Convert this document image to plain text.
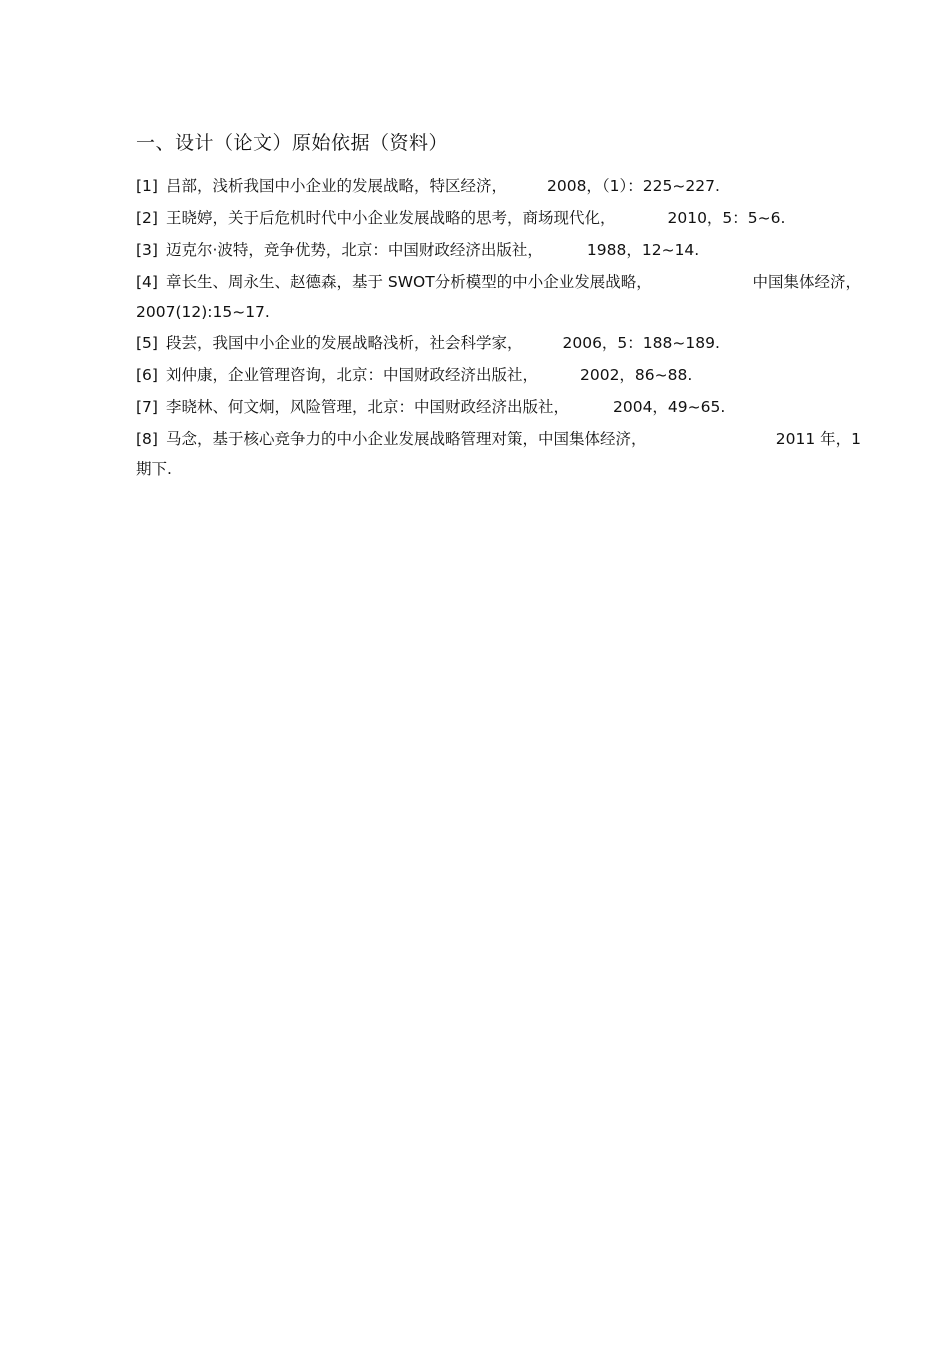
一、设计（论文）原始依据（资料）
[1] 吕部，浅析我国中小企业的发展战略，特区经济，	2008，（1）：225~227.
[2] 王晓婷，关于后危机时代中小企业发展战略的思考，商场现代化，	2010，5：5~6.
[3] 迈克尔·波特，竞争优势，北京：中国财政经济出版社，	1988，12~14.
[4] 章长生、周永生、赵德森，基于 SWOT分析模型的中小企业发展战略，	中国集体经济，
2007(12):15~17.
[5] 段芸，我国中小企业的发展战略浅析，社会科学家，	2006，5：188~189.
[6] 刘仲康，企业管理咨询，北京：中国财政经济出版社，	2002，86~88.
[7] 李晓林、何文炯，风险管理，北京：中国财政经济出版社，	2004，49~65.
[8] 马念，基于核心竞争力的中小企业发展战略管理对策，中国集体经济，	2011 年，1
期下.
